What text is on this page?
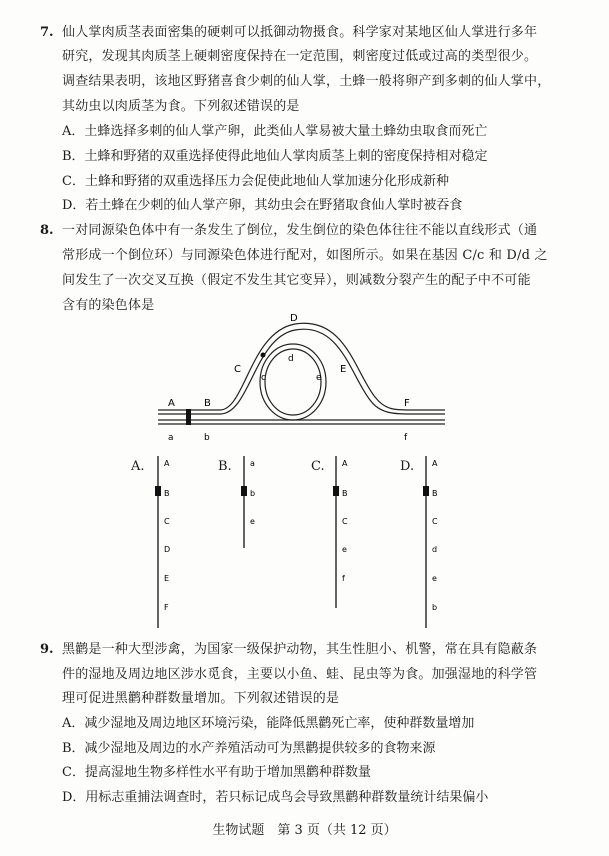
7. 仙人掌肉质茎表面密集的硬刺可以抵御动物摄食。科学家对某地区仙人掌进行多年
研究，发现其肉质茎上硬刺密度保持在一定范围，刺密度过低或过高的类型很少。
调查结果表明，该地区野猪喜食少刺的仙人掌，土蜂一般将卵产到多刺的仙人掌中，
其幼虫以肉质茎为食。下列叙述错误的是
A．土蜂选择多刺的仙人掌产卵，此类仙人掌易被大量土蜂幼虫取食而死亡
B．土蜂和野猪的双重选择使得此地仙人掌肉质茎上刺的密度保持相对稳定
C．土蜂和野猪的双重选择压力会促使此地仙人掌加速分化形成新种
D．若土蜂在少刺的仙人掌产卵，其幼虫会在野猪取食仙人掌时被吞食
8. 一对同源染色体中有一条发生了倒位，发生倒位的染色体往往不能以直线形式（通
常形成一个倒位环）与同源染色体进行配对，如图所示。如果在基因 C/c 和 D/d 之
间发生了一次交叉互换（假定不发生其它变异），则减数分裂产生的配子中不可能
含有的染色体是
A
a
B
b
C
c
D
d
E
e
F
f
A. A
B
C
D
E
F
B. a
b
e
C. A
B
C
e
f
D. A
B
C
d
e
b
9. 黑鹳是一种大型涉禽，为国家一级保护动物，其生性胆小、机警，常在具有隐蔽条
件的湿地及周边地区涉水觅食，主要以小鱼、蛙、昆虫等为食。加强湿地的科学管
理可促进黑鹳种群数量增加。下列叙述错误的是
A．减少湿地及周边地区环境污染，能降低黑鹳死亡率，使种群数量增加
B．减少湿地及周边的水产养殖活动可为黑鹳提供较多的食物来源
C．提高湿地生物多样性水平有助于增加黑鹳种群数量
D．用标志重捕法调查时，若只标记成鸟会导致黑鹳种群数量统计结果偏小
生物试题　第 3 页（共 12 页）
